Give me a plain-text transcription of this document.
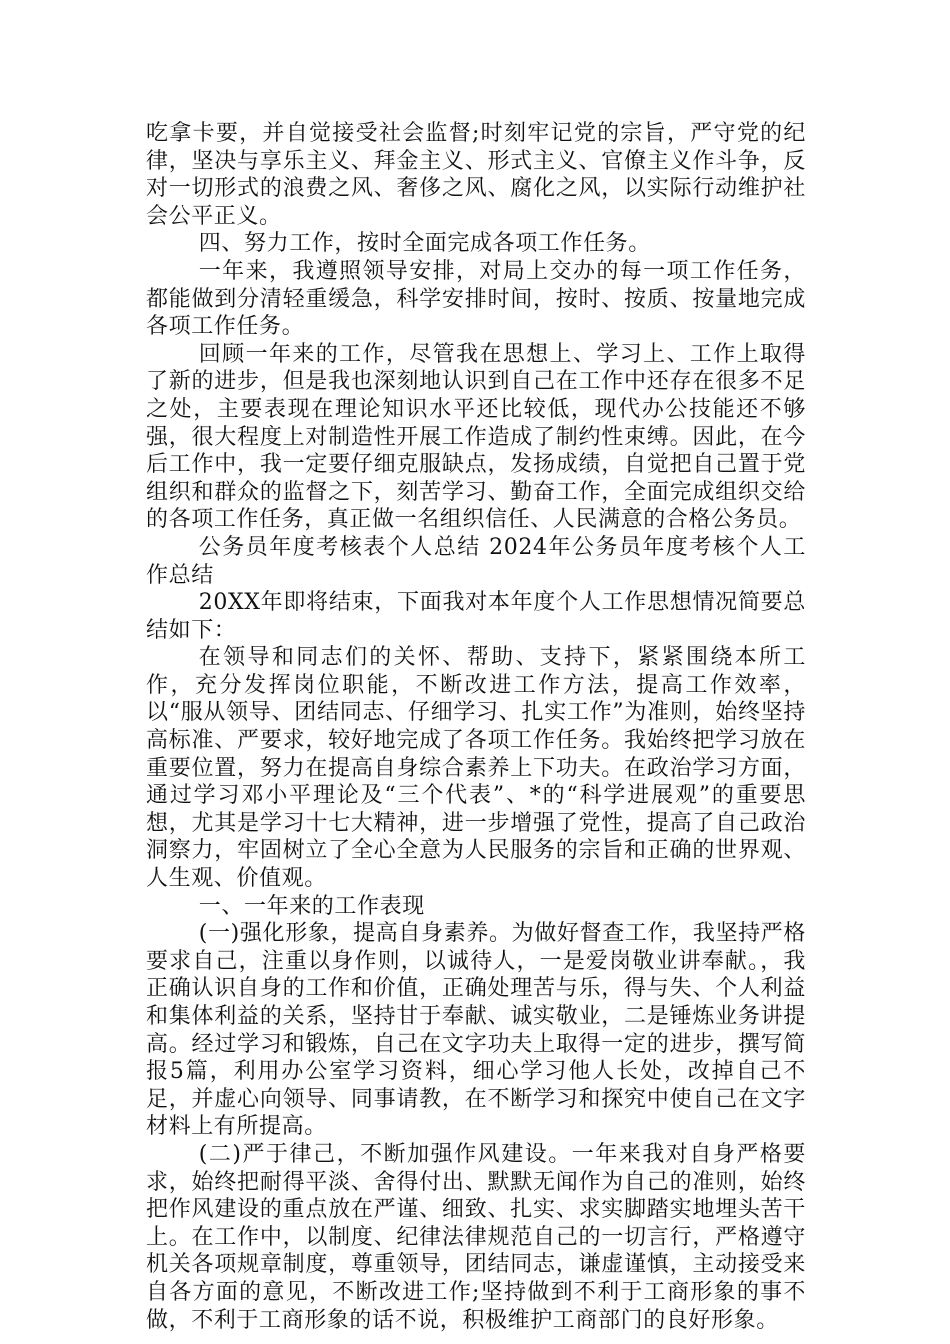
吃拿卡要，并自觉接受社会监督;时刻牢记党的宗旨，严守党的纪律，坚决与享乐主义、拜金主义、形式主义、官僚主义作斗争，反对一切形式的浪费之风、奢侈之风、腐化之风，以实际行动维护社会公平正义。

四、努力工作，按时全面完成各项工作任务。

一年来，我遵照领导安排，对局上交办的每一项工作任务，都能做到分清轻重缓急，科学安排时间，按时、按质、按量地完成各项工作任务。

回顾一年来的工作，尽管我在思想上、学习上、工作上取得了新的进步，但是我也深刻地认识到自己在工作中还存在很多不足之处，主要表现在理论知识水平还比较低，现代办公技能还不够强，很大程度上对制造性开展工作造成了制约性束缚。因此，在今后工作中，我一定要仔细克服缺点，发扬成绩，自觉把自己置于党组织和群众的监督之下，刻苦学习、勤奋工作，全面完成组织交给的各项工作任务，真正做一名组织信任、人民满意的合格公务员。

公务员年度考核表个人总结 2024年公务员年度考核个人工作总结

20XX年即将结束，下面我对本年度个人工作思想情况简要总结如下：

在领导和同志们的关怀、帮助、支持下，紧紧围绕本所工作，充分发挥岗位职能，不断改进工作方法，提高工作效率，以“服从领导、团结同志、仔细学习、扎实工作”为准则，始终坚持高标准、严要求，较好地完成了各项工作任务。我始终把学习放在重要位置，努力在提高自身综合素养上下功夫。在政治学习方面，通过学习邓小平理论及“三个代表”、*的“科学进展观”的重要思想，尤其是学习十七大精神，进一步增强了党性，提高了自己政治洞察力，牢固树立了全心全意为人民服务的宗旨和正确的世界观、人生观、价值观。

一、一年来的工作表现

(一)强化形象，提高自身素养。为做好督查工作，我坚持严格要求自己，注重以身作则，以诚待人，一是爱岗敬业讲奉献。，我正确认识自身的工作和价值，正确处理苦与乐，得与失、个人利益和集体利益的关系，坚持甘于奉献、诚实敬业，二是锤炼业务讲提高。经过学习和锻炼，自己在文字功夫上取得一定的进步，撰写简报5篇，利用办公室学习资料，细心学习他人长处，改掉自己不足，并虚心向领导、同事请教，在不断学习和探究中使自己在文字材料上有所提高。

(二)严于律己，不断加强作风建设。一年来我对自身严格要求，始终把耐得平淡、舍得付出、默默无闻作为自己的准则，始终把作风建设的重点放在严谨、细致、扎实、求实脚踏实地埋头苦干上。在工作中，以制度、纪律法律规范自己的一切言行，严格遵守机关各项规章制度，尊重领导，团结同志，谦虚谨慎，主动接受来自各方面的意见，不断改进工作;坚持做到不利于工商形象的事不做，不利于工商形象的话不说，积极维护工商部门的良好形象。
